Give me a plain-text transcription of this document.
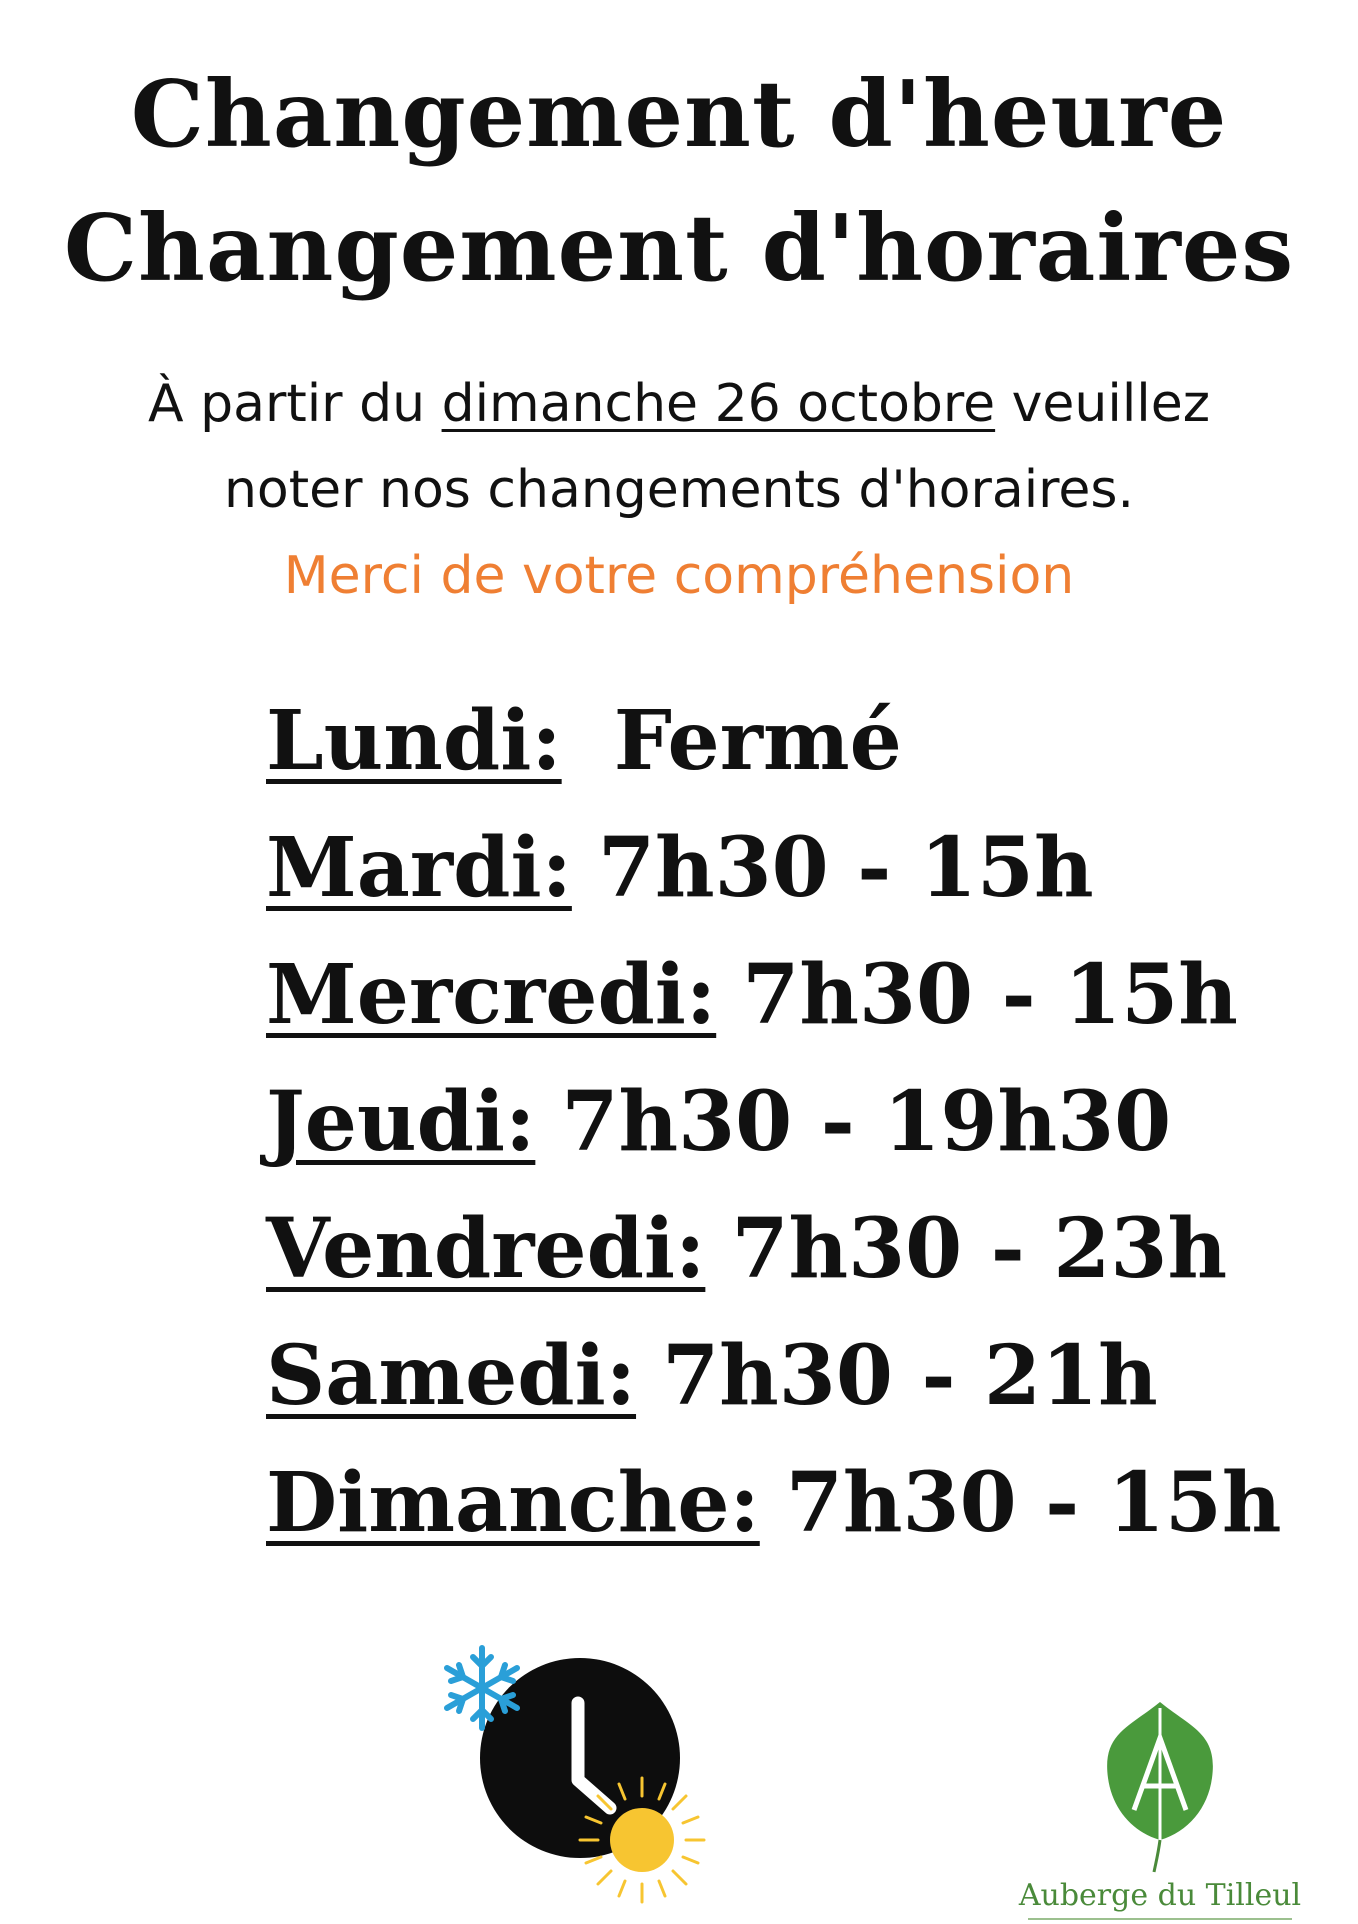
Changement d'heure
Changement d'horaires
À partir du dimanche 26 octobre veuillez
noter nos changements d'horaires.
Merci de votre compréhension
Lundi: Fermé
Mardi: 7h30 - 15h
Mercredi: 7h30 - 15h
Jeudi: 7h30 - 19h30
Vendredi: 7h30 - 23h
Samedi: 7h30 - 21h
Dimanche: 7h30 - 15h
Auberge du Tilleul
